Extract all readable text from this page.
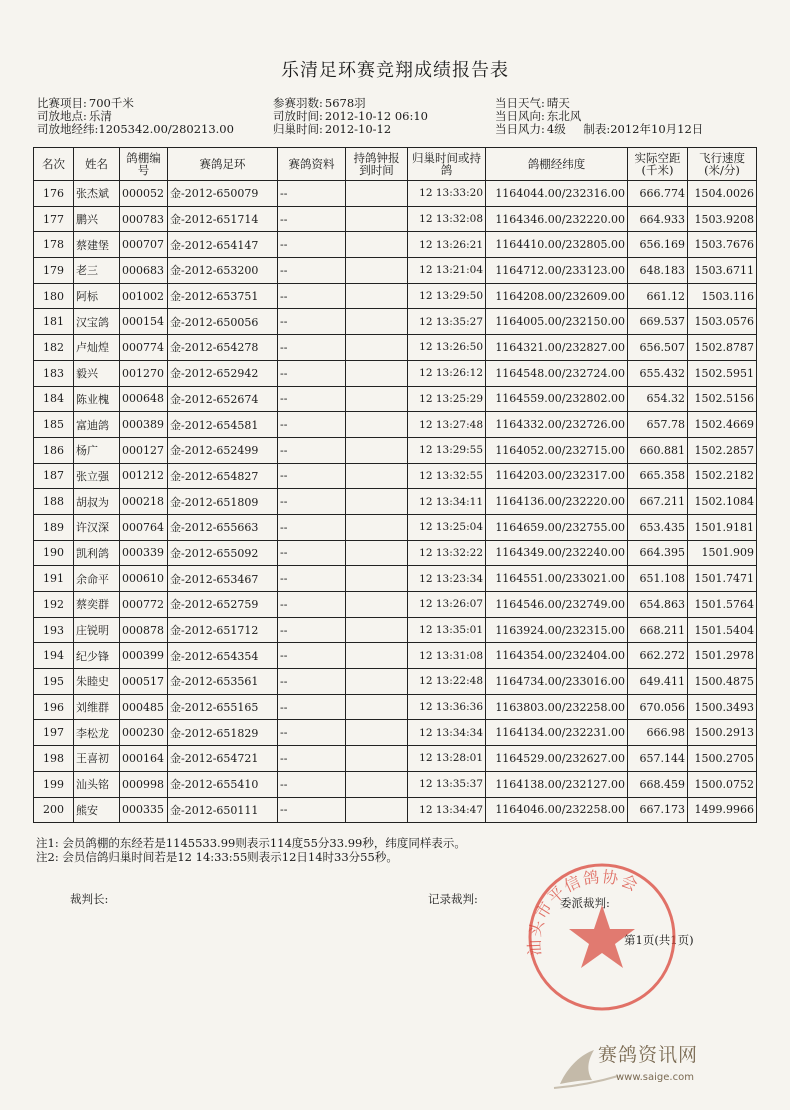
乐清足环赛竞翔成绩报告表
比赛项目: 700千米
司放地点: 乐清
司放地经纬:1205342.00/280213.00
参赛羽数: 5678羽
司放时间: 2012-10-12 06:10
归巢时间: 2012-10-12
当日天气: 晴天
当日风向: 东北风
当日风力: 4级 制表:2012年10月12日
名次	姓名	鸽棚编号	赛鸽足环	赛鸽资料	持鸽钟报到时间	归巢时间或持鸽	鸽棚经纬度	实际空距(千米)	飞行速度(米/分)
176	张杰斌	000052	金-2012-650079	--		12 13:33:20	1164044.00/232316.00	666.774	1504.0026
177	鹏兴	000783	金-2012-651714	--		12 13:32:08	1164346.00/232220.00	664.933	1503.9208
178	蔡建堡	000707	金-2012-654147	--		12 13:26:21	1164410.00/232805.00	656.169	1503.7676
179	老三	000683	金-2012-653200	--		12 13:21:04	1164712.00/233123.00	648.183	1503.6711
180	阿标	001002	金-2012-653751	--		12 13:29:50	1164208.00/232609.00	661.12	1503.116
181	汉宝鸽	000154	金-2012-650056	--		12 13:35:27	1164005.00/232150.00	669.537	1503.0576
182	卢灿煌	000774	金-2012-654278	--		12 13:26:50	1164321.00/232827.00	656.507	1502.8787
183	毅兴	001270	金-2012-652942	--		12 13:26:12	1164548.00/232724.00	655.432	1502.5951
184	陈业槐	000648	金-2012-652674	--		12 13:25:29	1164559.00/232802.00	654.32	1502.5156
185	富迪鸽	000389	金-2012-654581	--		12 13:27:48	1164332.00/232726.00	657.78	1502.4669
186	杨广	000127	金-2012-652499	--		12 13:29:55	1164052.00/232715.00	660.881	1502.2857
187	张立强	001212	金-2012-654827	--		12 13:32:55	1164203.00/232317.00	665.358	1502.2182
188	胡叔为	000218	金-2012-651809	--		12 13:34:11	1164136.00/232220.00	667.211	1502.1084
189	许汉深	000764	金-2012-655663	--		12 13:25:04	1164659.00/232755.00	653.435	1501.9181
190	凯利鸽	000339	金-2012-655092	--		12 13:32:22	1164349.00/232240.00	664.395	1501.909
191	余命平	000610	金-2012-653467	--		12 13:23:34	1164551.00/233021.00	651.108	1501.7471
192	蔡奕群	000772	金-2012-652759	--		12 13:26:07	1164546.00/232749.00	654.863	1501.5764
193	庄锐明	000878	金-2012-651712	--		12 13:35:01	1163924.00/232315.00	668.211	1501.5404
194	纪少锋	000399	金-2012-654354	--		12 13:31:08	1164354.00/232404.00	662.272	1501.2978
195	朱睦史	000517	金-2012-653561	--		12 13:22:48	1164734.00/233016.00	649.411	1500.4875
196	刘维群	000485	金-2012-655165	--		12 13:36:36	1163803.00/232258.00	670.056	1500.3493
197	李松龙	000230	金-2012-651829	--		12 13:34:34	1164134.00/232231.00	666.98	1500.2913
198	王喜初	000164	金-2012-654721	--		12 13:28:01	1164529.00/232627.00	657.144	1500.2705
199	汕头铭	000998	金-2012-655410	--		12 13:35:37	1164138.00/232127.00	668.459	1500.0752
200	熊安	000335	金-2012-650111	--		12 13:34:47	1164046.00/232258.00	667.173	1499.9966
注1: 会员鸽棚的东经若是1145533.99则表示114度55分33.99秒，纬度同样表示。
注2: 会员信鸽归巢时间若是12 14:33:55则表示12日14时33分55秒。
裁判长:	记录裁判:	委派裁判:
第1页(共1页)
汕头市平信鸽协会
赛鸽资讯网
www.saige.com
